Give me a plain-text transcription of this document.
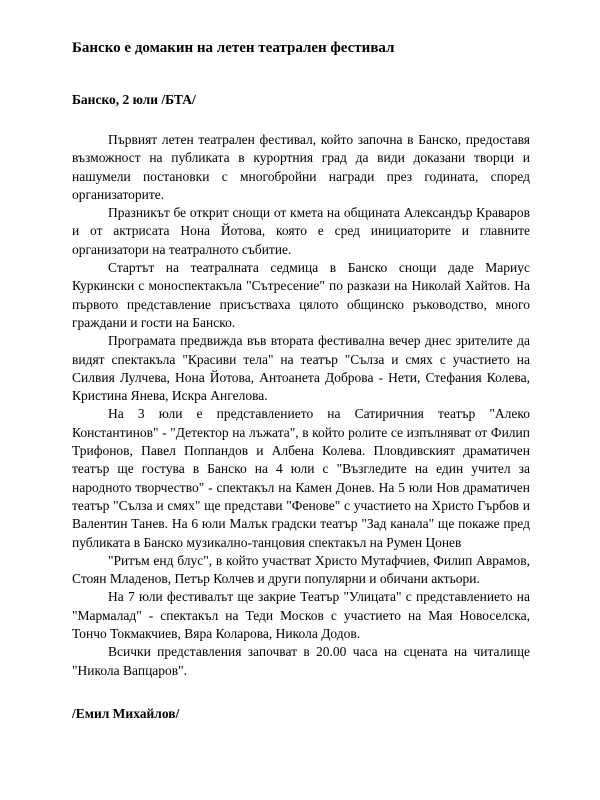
Банско е домакин на летен театрален фестивал

Банско, 2 юли /БТА/

Първият летен театрален фестивал, който започна в Банско, предоставя възможност на публиката в курортния град да види доказани творци и нашумели постановки с многобройни награди през годината, според организаторите.

Празникът бе открит снощи от кмета на общината Александър Краваров и от актрисата Нона Йотова, която е сред инициаторите и главните организатори на театралното събитие.

Стартът на театралната седмица в Банско снощи даде Мариус Куркински с моноспектакъла "Сътресение" по разкази на Николай Хайтов. На първото представление присъстваха цялото общинско ръководство, много граждани и гости на Банско.

Програмата предвижда във втората фестивална вечер днес зрителите да видят спектакъла "Красиви тела" на театър "Сълза и смях с участието на Силвия Лулчева, Нона Йотова, Антоанета Доброва - Нети, Стефания Колева, Кристина Янева, Искра Ангелова.

На 3 юли е представлението на Сатиричния театър "Алеко Константинов" - "Детектор на лъжата", в който ролите се изпълняват от Филип Трифонов, Павел Поппандов и Албена Колева. Пловдивският драматичен театър ще гостува в Банско на 4 юли с "Възгледите на един учител за народното творчество" - спектакъл на Камен Донев. На 5 юли Нов драматичен театър "Сълза и смях" ще представи "Фенове" с участието на Христо Гърбов и Валентин Танев. На 6 юли Малък градски театър "Зад канала" ще покаже пред публиката в Банско музикално-танцовия спектакъл на Румен Цонев

"Ритъм енд блус", в който участват Христо Мутафчиев, Филип Аврамов, Стоян Младенов, Петър Колчев и други популярни и обичани актьори.

На 7 юли фестивалът ще закрие Театър "Улицата" с представлението на "Мармалад" - спектакъл на Теди Москов с участието на Мая Новоселска, Тончо Токмакчиев, Вяра Коларова, Никола Додов.

Всички представления започват в 20.00 часа на сцената на читалище "Никола Вапцаров".

/Емил Михайлов/
